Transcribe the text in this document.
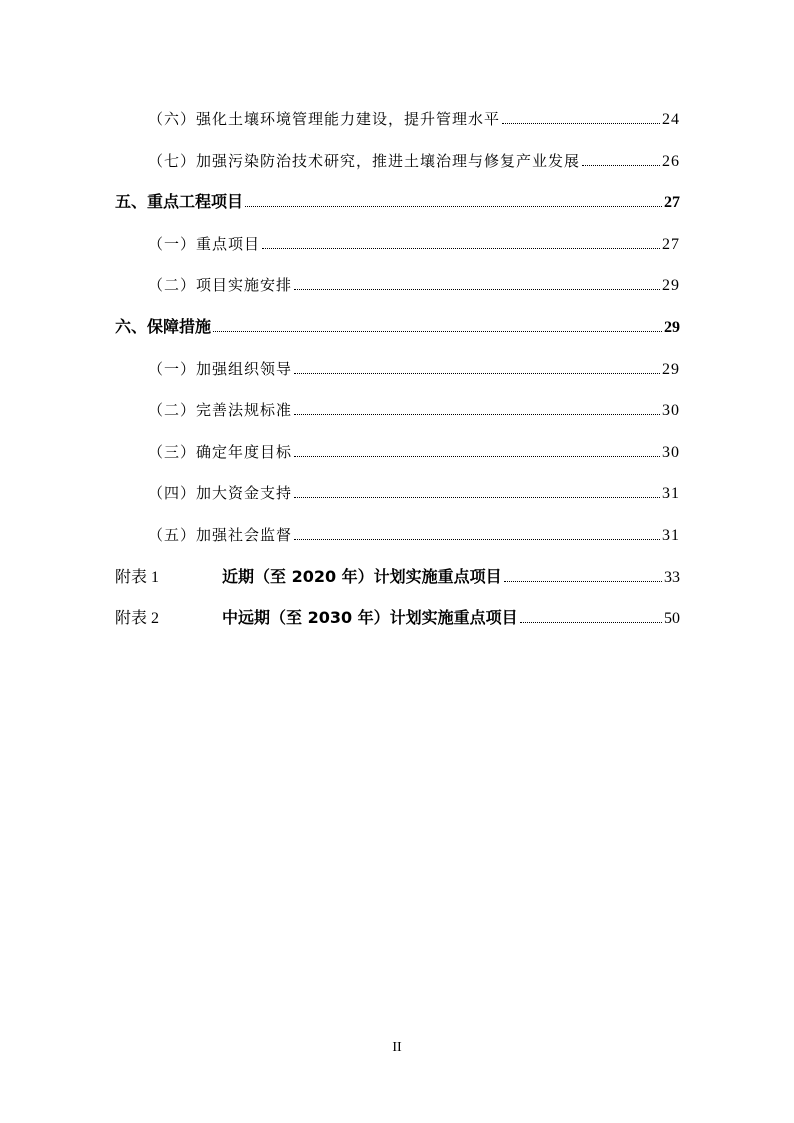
（六）强化土壤环境管理能力建设，提升管理水平	24
（七）加强污染防治技术研究，推进土壤治理与修复产业发展	26
五、重点工程项目	27
（一）重点项目	27
（二）项目实施安排	29
六、保障措施	29
（一）加强组织领导	29
（二）完善法规标准	30
（三）确定年度目标	30
（四）加大资金支持	31
（五）加强社会监督	31
附表 1	近期（至 2020 年）计划实施重点项目	33
附表 2	中远期（至 2030 年）计划实施重点项目	50
II
